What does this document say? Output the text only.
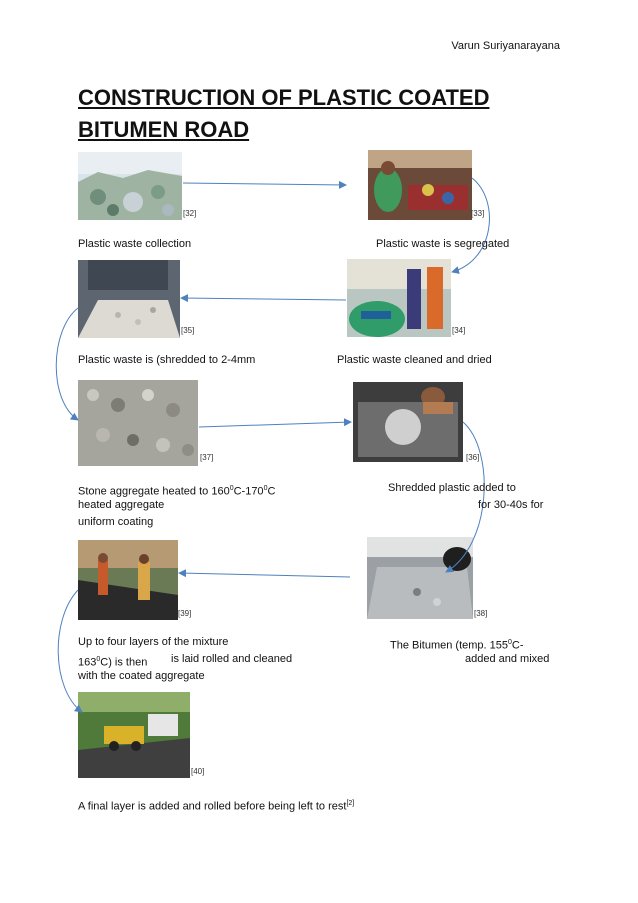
Varun Suriyanarayana
CONSTRUCTION OF PLASTIC COATED BITUMEN ROAD
[32]	[33]
[34]
[35]
[36]
[37]
[38]
[39]
[40]
Plastic waste collection	Plastic waste is segregated
Plastic waste is (shredded to 2-4mm	Plastic waste cleaned and dried
Stone aggregate heated to $160^0C-170^0C$	Shredded plastic added to
heated aggregate	for 30-40s for
uniform coating
Up to four layers of the mixture	The Bitumen (temp. $155^0C-$
$163^0C$) is then is laid rolled and cleaned	added and mixed
with the coated aggregate
A final layer is added and rolled before being left to rest[2]
